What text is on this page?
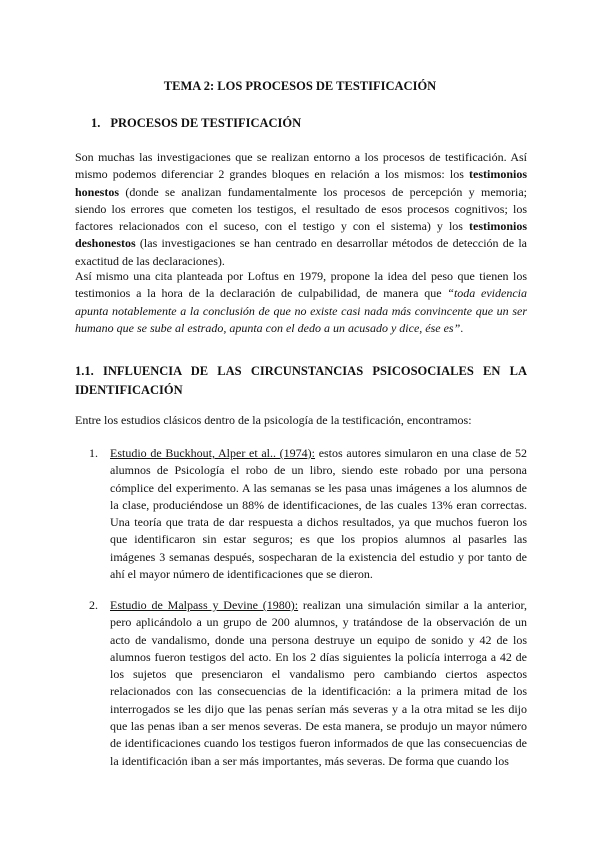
TEMA 2: LOS PROCESOS DE TESTIFICACIÓN
1. PROCESOS DE TESTIFICACIÓN
Son muchas las investigaciones que se realizan entorno a los procesos de testificación. Así mismo podemos diferenciar 2 grandes bloques en relación a los mismos: los testimonios honestos (donde se analizan fundamentalmente los procesos de percepción y memoria; siendo los errores que cometen los testigos, el resultado de esos procesos cognitivos; los factores relacionados con el suceso, con el testigo y con el sistema) y los testimonios deshonestos (las investigaciones se han centrado en desarrollar métodos de detección de la exactitud de las declaraciones).
Así mismo una cita planteada por Loftus en 1979, propone la idea del peso que tienen los testimonios a la hora de la declaración de culpabilidad, de manera que “toda evidencia apunta notablemente a la conclusión de que no existe casi nada más convincente que un ser humano que se sube al estrado, apunta con el dedo a un acusado y dice, ése es”.
1.1. INFLUENCIA DE LAS CIRCUNSTANCIAS PSICOSOCIALES EN LA IDENTIFICACIÓN
Entre los estudios clásicos dentro de la psicología de la testificación, encontramos:
1. Estudio de Buckhout, Alper et al.. (1974): estos autores simularon en una clase de 52 alumnos de Psicología el robo de un libro, siendo este robado por una persona cómplice del experimento. A las semanas se les pasa unas imágenes a los alumnos de la clase, produciéndose un 88% de identificaciones, de las cuales 13% eran correctas. Una teoría que trata de dar respuesta a dichos resultados, ya que muchos fueron los que identificaron sin estar seguros; es que los propios alumnos al pasarles las imágenes 3 semanas después, sospecharan de la existencia del estudio y por tanto de ahí el mayor número de identificaciones que se dieron.
2. Estudio de Malpass y Devine (1980): realizan una simulación similar a la anterior, pero aplicándolo a un grupo de 200 alumnos, y tratándose de la observación de un acto de vandalismo, donde una persona destruye un equipo de sonido y 42 de los alumnos fueron testigos del acto. En los 2 días siguientes la policía interroga a 42 de los sujetos que presenciaron el vandalismo pero cambiando ciertos aspectos relacionados con las consecuencias de la identificación: a la primera mitad de los interrogados se les dijo que las penas serían más severas y a la otra mitad se les dijo que las penas iban a ser menos severas. De esta manera, se produjo un mayor número de identificaciones cuando los testigos fueron informados de que las consecuencias de la identificación iban a ser más importantes, más severas. De forma que cuando los
